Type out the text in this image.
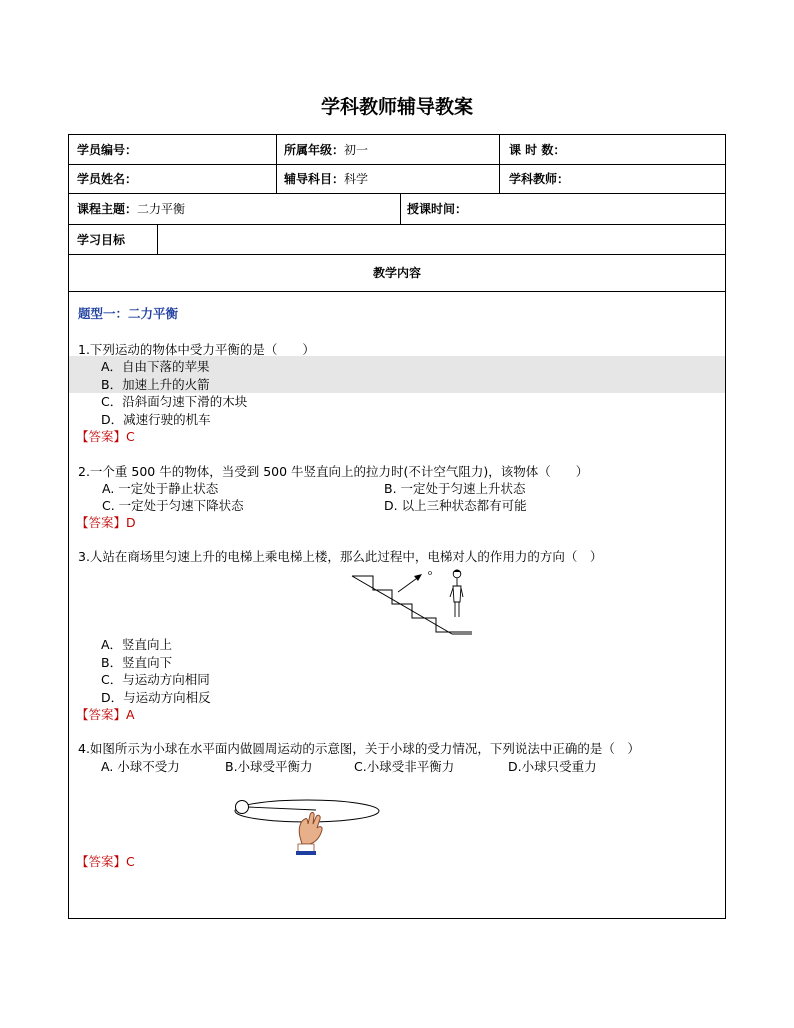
学科教师辅导教案
学员编号：	所属年级：初一	课 时 数：
学员姓名：	辅导科目：科学	学科教师：
课程主题：二力平衡	授课时间：
学习目标
教学内容
题型一：二力平衡
1.下列运动的物体中受力平衡的是（　　）
A．自由下落的苹果
B．加速上升的火箭
C．沿斜面匀速下滑的木块
D．减速行驶的机车
【答案】C
2.一个重 500 牛的物体，当受到 500 牛竖直向上的拉力时(不计空气阻力)，该物体（　　）
A. 一定处于静止状态	B. 一定处于匀速上升状态
C. 一定处于匀速下降状态	D. 以上三种状态都有可能
【答案】D
3.人站在商场里匀速上升的电梯上乘电梯上楼，那么此过程中，电梯对人的作用力的方向（　）
A．竖直向上
B．竖直向下
C．与运动方向相同
D．与运动方向相反
【答案】A
4.如图所示为小球在水平面内做圆周运动的示意图，关于小球的受力情况，下列说法中正确的是（　）
A. 小球不受力	B.小球受平衡力	C.小球受非平衡力	D.小球只受重力
【答案】C
